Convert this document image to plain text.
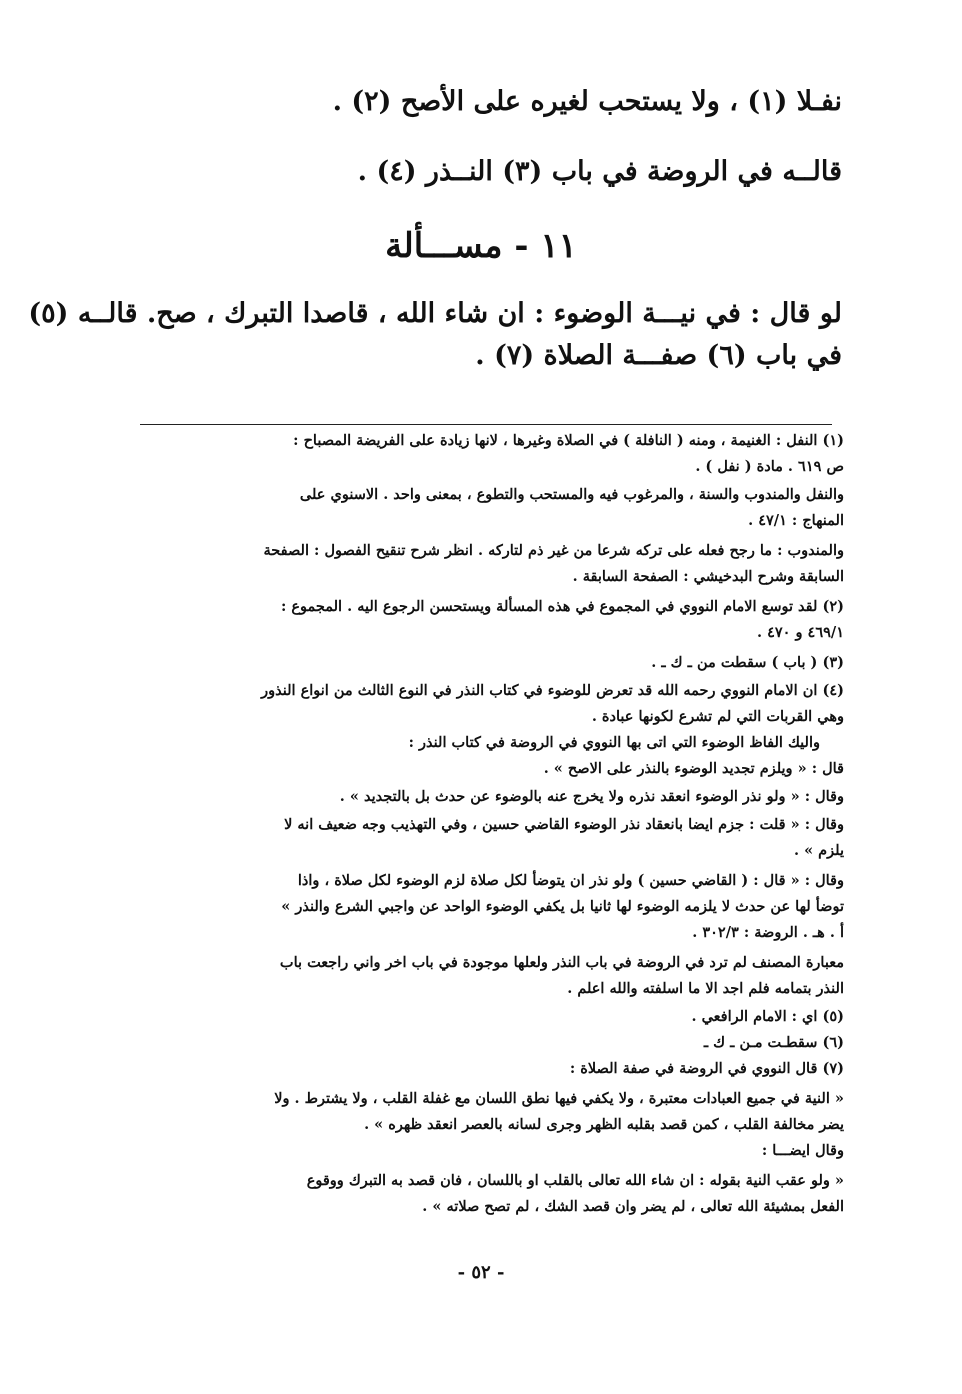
نفـلا (١) ، ولا يستحب لغيره على الأصح (٢) .
قالــه في الروضة في باب (٣) النــذر (٤) .
١١ - مســـألة
لو قال : في نيـــة الوضوء : ان شاء الله ، قاصدا التبرك ، صح. قالــه (٥)
في باب (٦) صفـــة الصلاة (٧) .
(١) النفل : الغنيمة ، ومنه ( النافلة ) في الصلاة وغيرها ، لانها زيادة على الفريضة المصباح :
ص ٦١٩ . مادة ( نفل ) .
والنفل والمندوب والسنة ، والمرغوب فيه والمستحب والتطوع ، بمعنى واحد . الاسنوي على
المنهاج : ٤٧/١ .
والمندوب : ما رجح فعله على تركه شرعا من غير ذم لتاركه . انظر شرح تنقيح الفصول : الصفحة
السابقة وشرح البدخيشي : الصفحة السابقة .
(٢) لقد توسع الامام النووي في المجموع في هذه المسألة ويستحسن الرجوع اليه . المجموع :
٤٦٩/١ و ٤٧٠ .
(٣) ( باب ) سقطت من ـ ك ـ .
(٤) ان الامام النووي رحمه الله قد تعرض للوضوء في كتاب النذر في النوع الثالث من انواع النذور
وهي القربات التي لم تشرع لكونها عبادة .
واليك الفاظ الوضوء التي اتى بها النووي في الروضة في كتاب النذر :
قال : « ويلزم تجديد الوضوء بالنذر على الاصح » .
وقال : « ولو نذر الوضوء انعقد نذره ولا يخرج عنه بالوضوء عن حدث بل بالتجديد » .
وقال : « قلت : جزم ايضا بانعقاد نذر الوضوء القاضي حسين ، وفي التهذيب وجه ضعيف انه لا
يلزم » .
وقال : « قال : ( القاضي حسين ) ولو نذر ان يتوضأ لكل صلاة لزم الوضوء لكل صلاة ، واذا
توضأ لها عن حدث لا يلزمه الوضوء لها ثانيا بل يكفي الوضوء الواحد عن واجبي الشرع والنذر »
أ . هـ . الروضة : ٣٠٢/٣ .
معبارة المصنف لم ترد في الروضة في باب النذر ولعلها موجودة في باب اخر واني راجعت باب
النذر بتمامه فلم اجد الا ما اسلفته والله اعلم .
(٥) اي : الامام الرافعي .
(٦) سقطـت مـن ـ ك ـ
(٧) قال النووي في الروضة في صفة الصلاة :
« النية في جميع العبادات معتبرة ، ولا يكفي فيها نطق اللسان مع غفلة القلب ، ولا يشترط . ولا
يضر مخالفة القلب ، كمن قصد بقلبه الظهر وجرى لسانه بالعصر انعقد ظهره » .
وقال ايضـــا :
« ولو عقب النية بقوله : ان شاء الله تعالى بالقلب او باللسان ، فان قصد به التبرك ووقوع
الفعل بمشيئة الله تعالى ، لم يضر وان قصد الشك ، لم تصح صلاته » .
- ٥٢ -
